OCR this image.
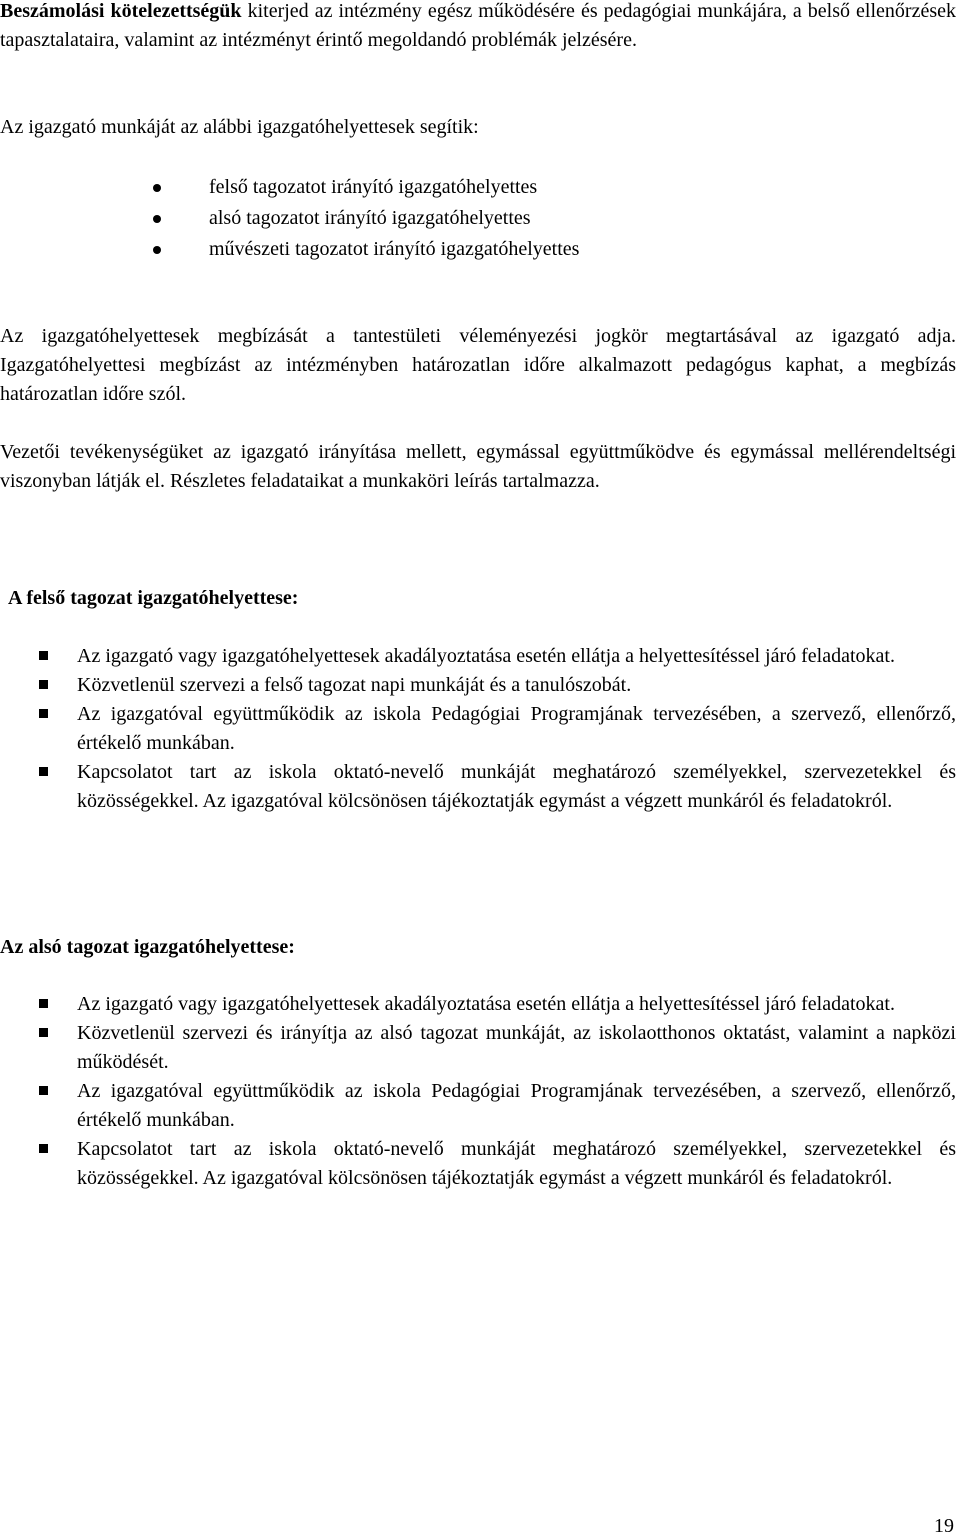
Beszámolási kötelezettségük kiterjed az intézmény egész működésére és pedagógiai munkájára, a belső ellenőrzések tapasztalataira, valamint az intézményt érintő megoldandó problémák jelzésére.

Az igazgató munkáját az alábbi igazgatóhelyettesek segítik:

felső tagozatot irányító igazgatóhelyettes
alsó tagozatot irányító igazgatóhelyettes
művészeti tagozatot irányító igazgatóhelyettes

Az igazgatóhelyettesek megbízását a tantestületi véleményezési jogkör megtartásával az igazgató adja. Igazgatóhelyettesi megbízást az intézményben határozatlan időre alkalmazott pedagógus kaphat, a megbízás határozatlan időre szól.

Vezetői tevékenységüket az igazgató irányítása mellett, egymással együttműködve és egymással mellérendeltségi viszonyban látják el. Részletes feladataikat a munkaköri leírás tartalmazza.

A felső tagozat igazgatóhelyettese:

Az igazgató vagy igazgatóhelyettesek akadályoztatása esetén ellátja a helyettesítéssel járó feladatokat.
Közvetlenül szervezi a felső tagozat napi munkáját és a tanulószobát.
Az igazgatóval együttműködik az iskola Pedagógiai Programjának tervezésében, a szervező, ellenőrző, értékelő munkában.
Kapcsolatot tart az iskola oktató-nevelő munkáját meghatározó személyekkel, szervezetekkel és közösségekkel. Az igazgatóval kölcsönösen tájékoztatják egymást a végzett munkáról és feladatokról.

Az alsó tagozat igazgatóhelyettese:

Az igazgató vagy igazgatóhelyettesek akadályoztatása esetén ellátja a helyettesítéssel járó feladatokat.
Közvetlenül szervezi és irányítja az alsó tagozat munkáját, az iskolaotthonos oktatást, valamint a napközi működését.
Az igazgatóval együttműködik az iskola Pedagógiai Programjának tervezésében, a szervező, ellenőrző, értékelő munkában.
Kapcsolatot tart az iskola oktató-nevelő munkáját meghatározó személyekkel, szervezetekkel és közösségekkel. Az igazgatóval kölcsönösen tájékoztatják egymást a végzett munkáról és feladatokról.
19
